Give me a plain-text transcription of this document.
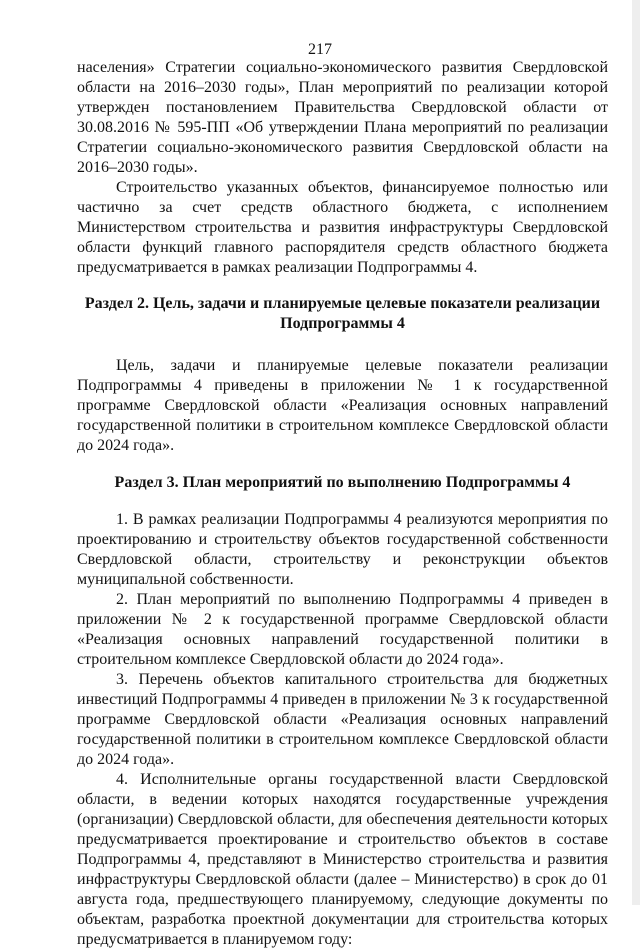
217

населения» Стратегии социально-экономического развития Свердловской области на 2016–2030 годы», План мероприятий по реализации которой утвержден постановлением Правительства Свердловской области от 30.08.2016 № 595-ПП «Об утверждении Плана мероприятий по реализации Стратегии социально-экономического развития Свердловской области на 2016–2030 годы».

Строительство указанных объектов, финансируемое полностью или частично за счет средств областного бюджета, с исполнением Министерством строительства и развития инфраструктуры Свердловской области функций главного распорядителя средств областного бюджета предусматривается в рамках реализации Подпрограммы 4.

Раздел 2. Цель, задачи и планируемые целевые показатели реализации Подпрограммы 4

Цель, задачи и планируемые целевые показатели реализации Подпрограммы 4 приведены в приложении № 1 к государственной программе Свердловской области «Реализация основных направлений государственной политики в строительном комплексе Свердловской области до 2024 года».

Раздел 3. План мероприятий по выполнению Подпрограммы 4

1. В рамках реализации Подпрограммы 4 реализуются мероприятия по проектированию и строительству объектов государственной собственности Свердловской области, строительству и реконструкции объектов муниципальной собственности.

2. План мероприятий по выполнению Подпрограммы 4 приведен в приложении № 2 к государственной программе Свердловской области «Реализация основных направлений государственной политики в строительном комплексе Свердловской области до 2024 года».

3. Перечень объектов капитального строительства для бюджетных инвестиций Подпрограммы 4 приведен в приложении № 3 к государственной программе Свердловской области «Реализация основных направлений государственной политики в строительном комплексе Свердловской области до 2024 года».

4. Исполнительные органы государственной власти Свердловской области, в ведении которых находятся государственные учреждения (организации) Свердловской области, для обеспечения деятельности которых предусматривается проектирование и строительство объектов в составе Подпрограммы 4, представляют в Министерство строительства и развития инфраструктуры Свердловской области (далее – Министерство) в срок до 01 августа года, предшествующего планируемому, следующие документы по объектам, разработка проектной документации для строительства которых предусматривается в планируемом году:
